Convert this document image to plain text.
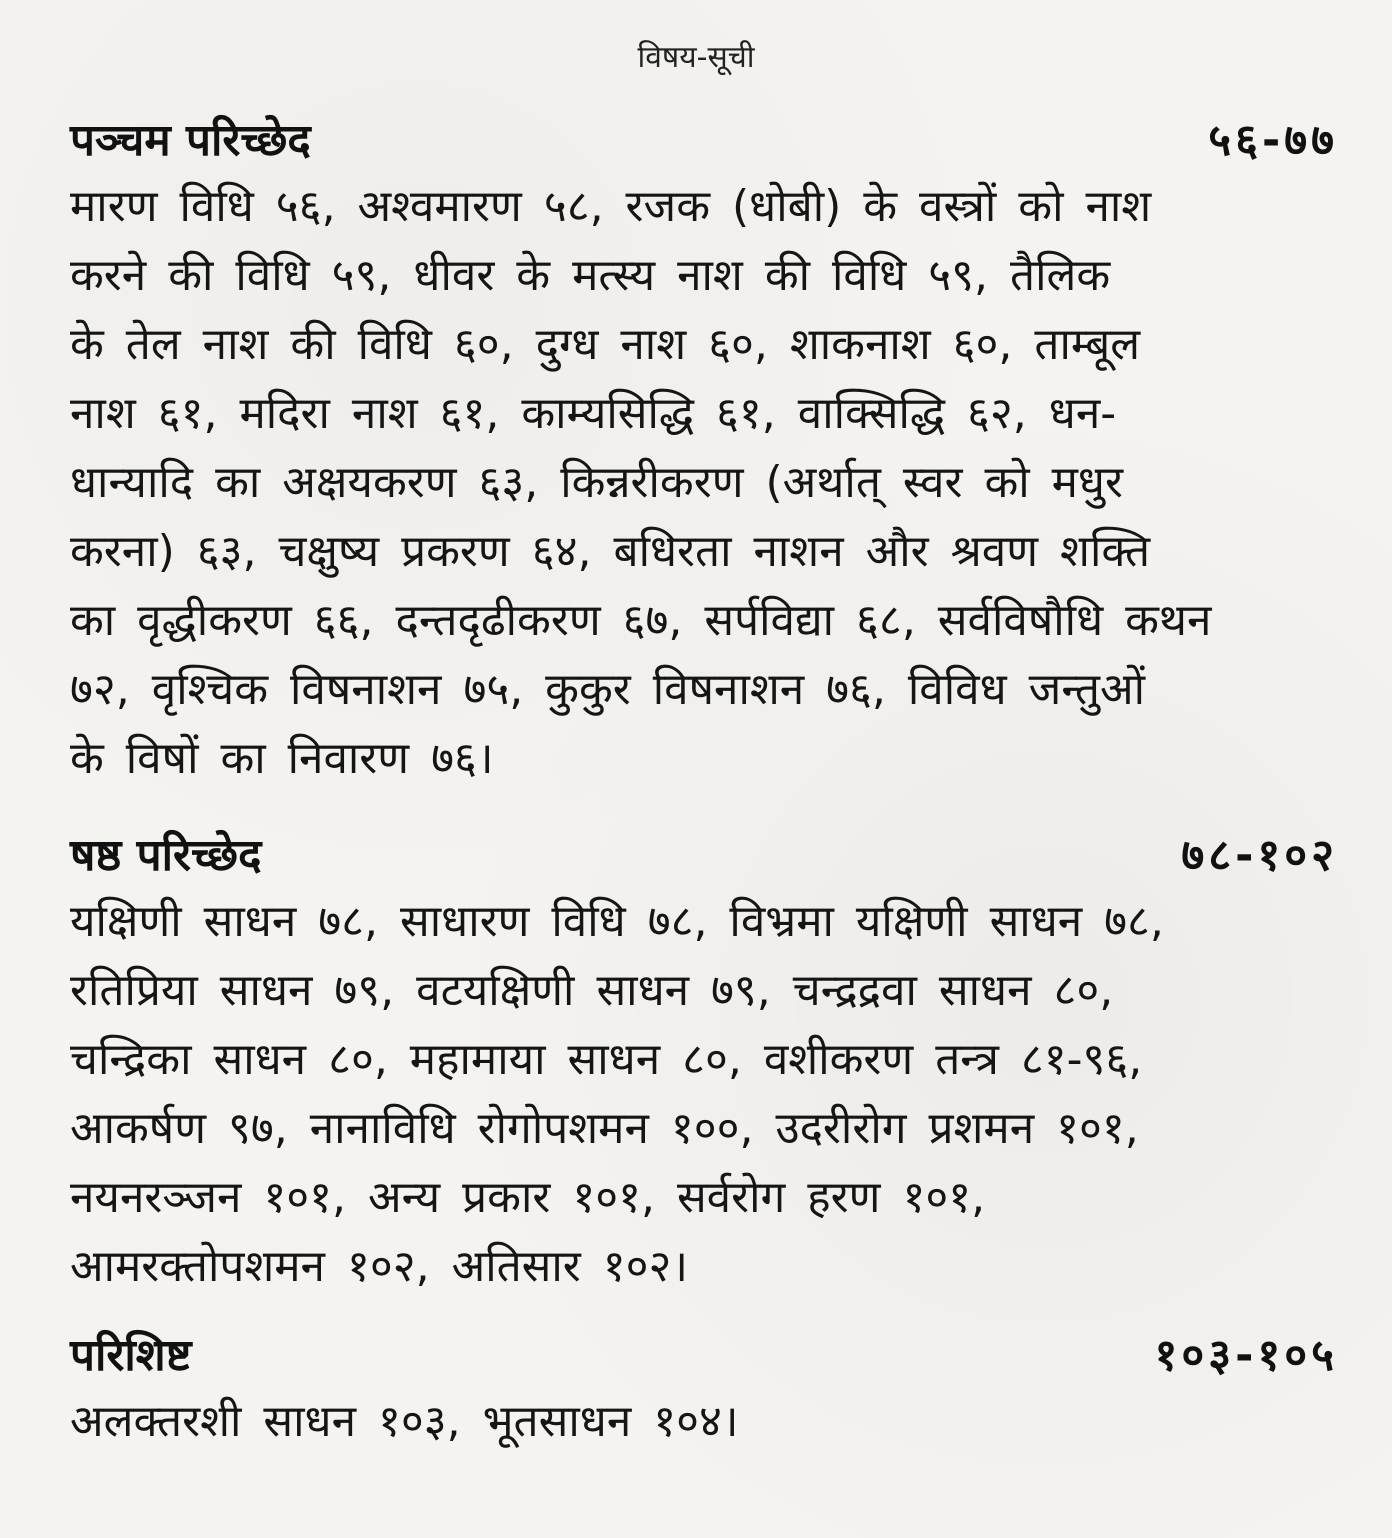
विषय-सूची
पञ्चम परिच्छेद	५६-७७
मारण विधि ५६, अश्वमारण ५८, रजक (धोबी) के वस्त्रों को नाश
करने की विधि ५९, धीवर के मत्स्य नाश की विधि ५९, तैलिक
के तेल नाश की विधि ६०, दुग्ध नाश ६०, शाकनाश ६०, ताम्बूल
नाश ६१, मदिरा नाश ६१, काम्यसिद्धि ६१, वाक्सिद्धि ६२, धन-
धान्यादि का अक्षयकरण ६३, किन्नरीकरण (अर्थात् स्वर को मधुर
करना) ६३, चक्षुष्य प्रकरण ६४, बधिरता नाशन और श्रवण शक्ति
का वृद्धीकरण ६६, दन्तदृढीकरण ६७, सर्पविद्या ६८, सर्वविषौधि कथन
७२, वृश्चिक विषनाशन ७५, कुकुर विषनाशन ७६, विविध जन्तुओं
के विषों का निवारण ७६।
षष्ठ परिच्छेद	७८-१०२
यक्षिणी साधन ७८, साधारण विधि ७८, विभ्रमा यक्षिणी साधन ७८,
रतिप्रिया साधन ७९, वटयक्षिणी साधन ७९, चन्द्रद्रवा साधन ८०,
चन्द्रिका साधन ८०, महामाया साधन ८०, वशीकरण तन्त्र ८१-९६,
आकर्षण ९७, नानाविधि रोगोपशमन १००, उदरीरोग प्रशमन १०१,
नयनरञ्जन १०१, अन्य प्रकार १०१, सर्वरोग हरण १०१,
आमरक्तोपशमन १०२, अतिसार १०२।
परिशिष्ट	१०३-१०५
अलक्तरशी साधन १०३, भूतसाधन १०४।
